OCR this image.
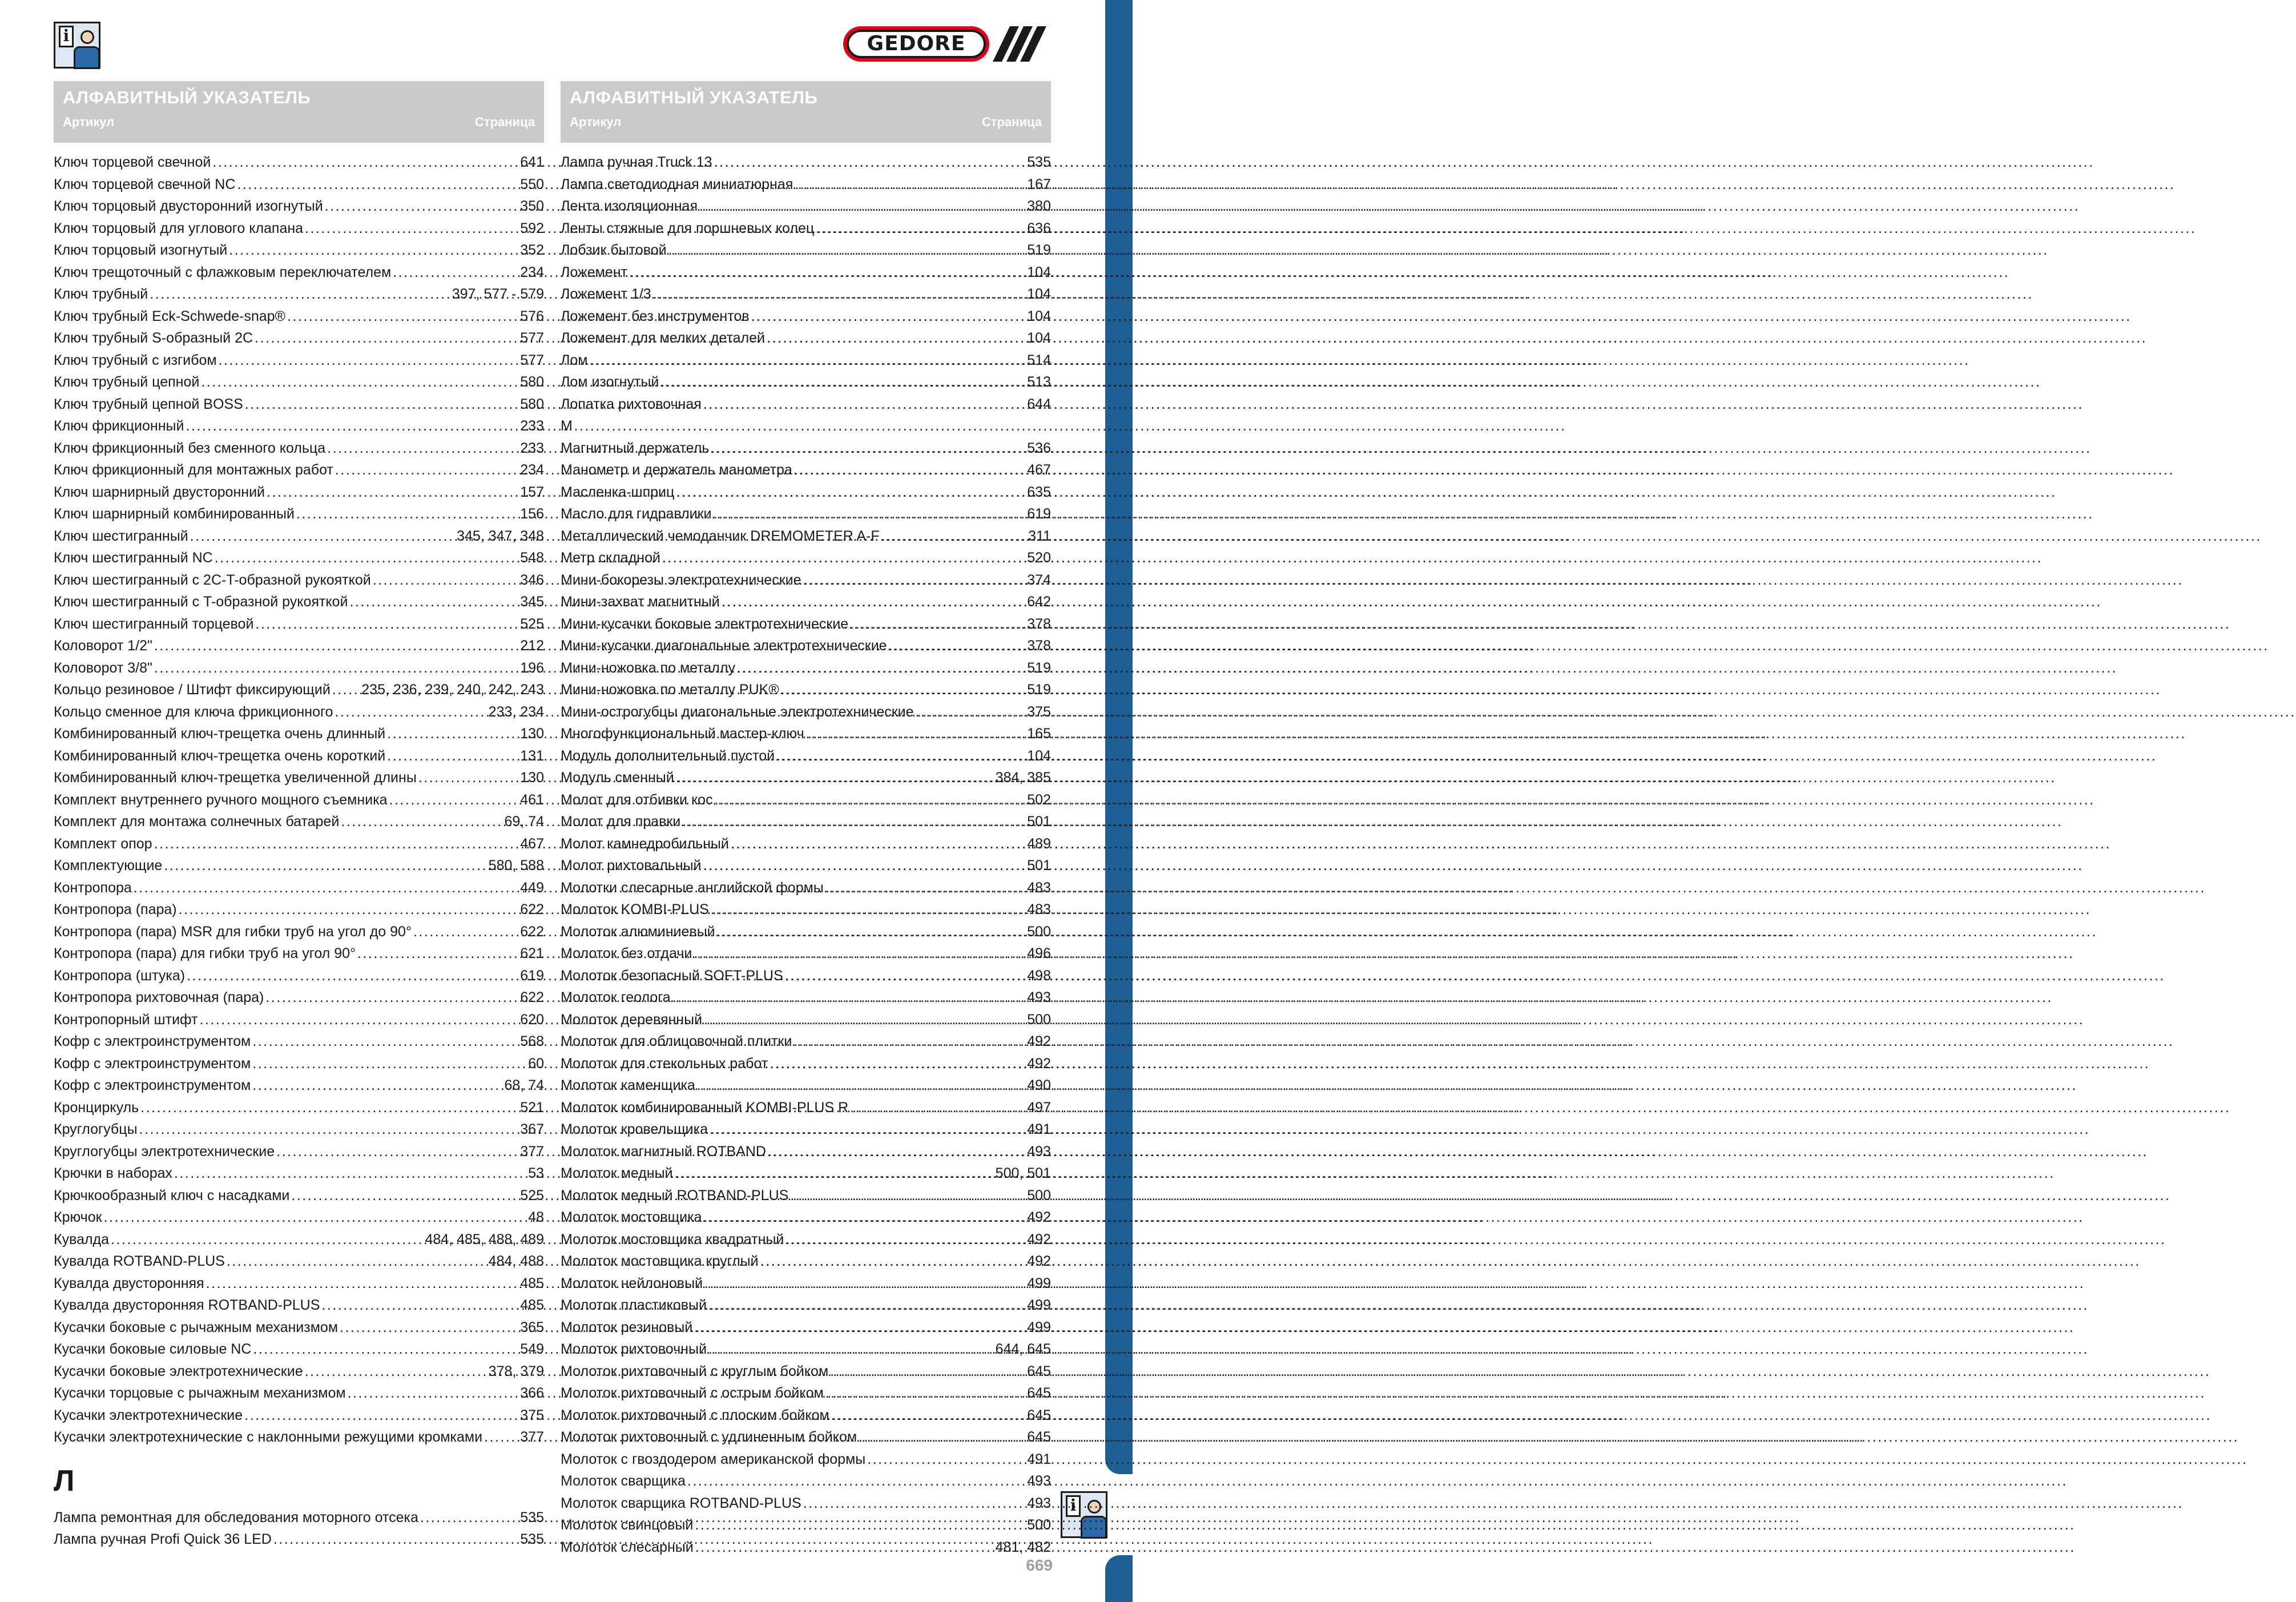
i	GEDORE
i
АЛФАВИТНЫЙ УКАЗАТЕЛЬ
Артикул	Страница
Ключ торцевой свечной .....	641
Ключ торцевой свечной NC .....	550
Ключ торцовый двусторонний изогнутый .....	350
Ключ торцовый для углового клапана .....	592
Ключ торцовый изогнутый .....	352
Ключ трещоточный с флажковым переключателем .....	234
Ключ трубный .....	397, 577 - 579
Ключ трубный Eck-Schwede-snap® .....	576
Ключ трубный S-образный 2C .....	577
Ключ трубный с изгибом .....	577
Ключ трубный цепной .....	580
Ключ трубный цепной BOSS .....	580
Ключ фрикционный .....	233
Ключ фрикционный без сменного кольца .....	233
Ключ фрикционный для монтажных работ .....	234
Ключ шарнирный двусторонний .....	157
Ключ шарнирный комбинированный .....	156
Ключ шестигранный .....	345, 347, 348
Ключ шестигранный NC .....	548
Ключ шестигранный с 2C-T-образной рукояткой .....	346
Ключ шестигранный с T-образной рукояткой .....	345
Ключ шестигранный торцевой .....	525
Коловорот 1/2" .....	212
Коловорот 3/8" .....	196
Кольцо резиновое / Штифт фиксирующий ..... 235, 236, 239, 240, 242, 243
Кольцо сменное для ключа фрикционного .....	233, 234
Комбинированный ключ-трещетка очень длинный .....	130
Комбинированный ключ-трещетка очень короткий .....	131
Комбинированный ключ-трещетка увеличенной длины .....	130
Комплект внутреннего ручного мощного съемника .....	461
Комплект для монтажа солнечных батарей .....	69, 74
Комплект опор .....	467
Комплектующие .....	580, 588
Контропора .....	449
Контропора (пара) .....	622
Контропора (пара) MSR для гибки труб на угол до 90° .....	622
Контропора (пара) для гибки труб на угол 90° .....	621
Контропора (штука) .....	619
Контропора рихтовочная (пара) .....	622
Контропорный штифт .....	620
Кофр с электроинструментом .....	568
Кофр с электроинструментом .....	60
Кофр с электроинструментом .....	68, 74
Кронциркуль .....	521
Круглогубцы .....	367
Круглогубцы электротехнические .....	377
Крючки в наборах .....	53
Крючкообразный ключ с насадками .....	525
Крючок .....	48
Кувалда .....	484, 485, 488, 489
Кувалда ROTBAND-PLUS .....	484, 488
Кувалда двусторонняя .....	485
Кувалда двусторонняя ROTBAND-PLUS .....	485
Кусачки боковые с рычажным механизмом .....	365
Кусачки боковые силовые NC .....	549
Кусачки боковые электротехнические .....	378, 379
Кусачки торцовые с рычажным механизмом .....	366
Кусачки электротехнические .....	375
Кусачки электротехнические с наклонными режущими кромками .....	377
Л
Лампа ремонтная для обследования моторного отсека .....	535
Лампа ручная Profi Quick 36 LED .....	535
АЛФАВИТНЫЙ УКАЗАТЕЛЬ
Артикул	Страница
Лампа ручная Truck 13 .....	535
Лампа светодиодная миниатюрная .....	167
Лента изоляционная .....	380
Ленты стяжные для поршневых колец .....	636
Лобзик бытовой .....	519
Ложемент .....	104
Ложемент 1/3 .....	104
Ложемент без инструментов .....	104
Ложемент для мелких деталей .....	104
Лом .....	514
Лом изогнутый .....	513
Лопатка рихтовочная .....	644
М
Магнитный держатель .....	536
Манометр и держатель манометра .....	467
Масленка-шприц .....	635
Масло для гидравлики .....	619
Металлический чемоданчик DREMOMETER A-F .....	311
Метр складной .....	520
Мини-бокорезы электротехнические .....	374
Мини-захват магнитный .....	642
Мини-кусачки боковые электротехнические .....	378
Мини-кусачки диагональные электротехнические .....	378
Мини-ножовка по металлу .....	519
Мини-ножовка по металлу PUK® .....	519
Мини-острогубцы диагональные электротехнические .....	375
Многофункциональный мастер-ключ .....	165
Модуль дополнительный пустой .....	104
Модуль сменный .....	384, 385
Молот для отбивки кос .....	502
Молот для правки .....	501
Молот камнедробильный .....	489
Молот рихтовальный .....	501
Молотки слесарные английской формы .....	483
Молоток KOMBI-PLUS .....	483
Молоток алюминиевый .....	500
Молоток без отдачи .....	496
Молоток безопасный SOFT-PLUS .....	498
Молоток геолога .....	493
Молоток деревянный .....	500
Молоток для облицовочной плитки .....	492
Молоток для стекольных работ .....	492
Молоток каменщика .....	490
Молоток комбинированный KOMBI-PLUS R .....	497
Молоток кровельщика .....	491
Молоток магнитный ROTBAND .....	493
Молоток медный .....	500, 501
Молоток медный ROTBAND-PLUS .....	500
Молоток мостовщика .....	492
Молоток мостовщика квадратный .....	492
Молоток мостовщика круглый .....	492
Молоток нейлоновый .....	499
Молоток пластиковый .....	499
Молоток резиновый .....	499
Молоток рихтовочный .....	644, 645
Молоток рихтовочный с круглым бойком .....	645
Молоток рихтовочный с острым бойком .....	645
Молоток рихтовочный с плоским бойком .....	645
Молоток рихтовочный с удлиненным бойком .....	645
Молоток с гвоздодером американской формы .....	491
Молоток сварщика .....	493
Молоток сварщика ROTBAND-PLUS .....	493
Молоток свинцовый .....	500
Молоток слесарный .....	481, 482
669
